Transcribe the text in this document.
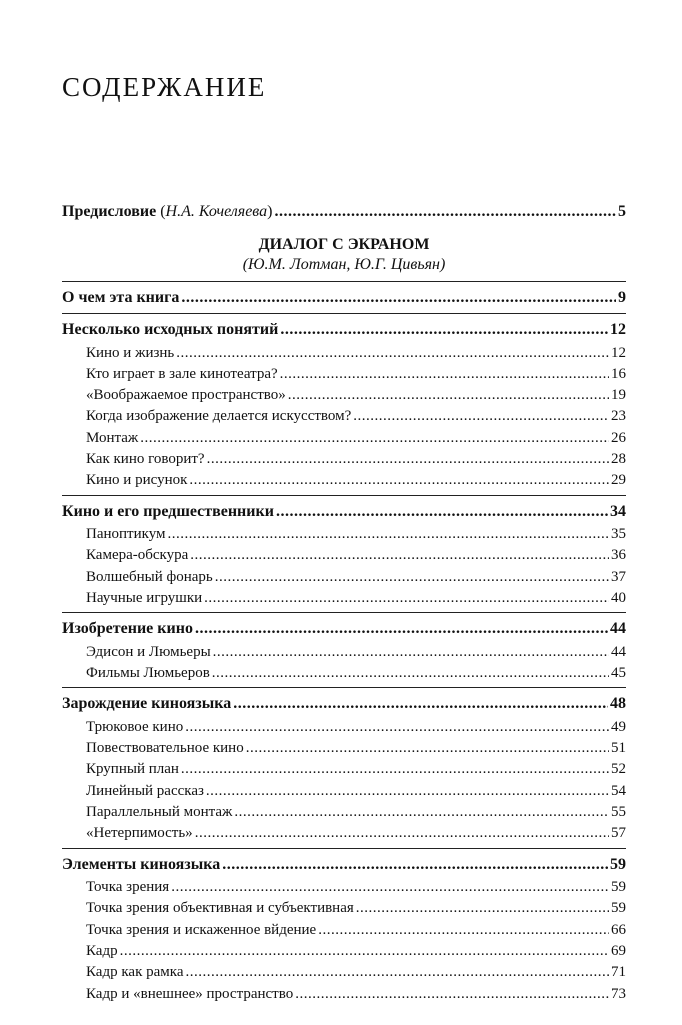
СОДЕРЖАНИЕ
Предисловие (Н.А. Кочеляева) .....	5
ДИАЛОГ С ЭКРАНОМ
(Ю.М. Лотман, Ю.Г. Цивьян)
О чем эта книга .....	9
Несколько исходных понятий .....	12
Кино и жизнь .....	12
Кто играет в зале кинотеатра? .....	16
«Воображаемое пространство» .....	19
Когда изображение делается искусством? .....	23
Монтаж .....	26
Как кино говорит? .....	28
Кино и рисунок .....	29
Кино и его предшественники .....	34
Паноптикум .....	35
Камера-обскура .....	36
Волшебный фонарь .....	37
Научные игрушки .....	40
Изобретение кино .....	44
Эдисон и Люмьеры .....	44
Фильмы Люмьеров .....	45
Зарождение киноязыка .....	48
Трюковое кино .....	49
Повествовательное кино .....	51
Крупный план .....	52
Линейный рассказ .....	54
Параллельный монтаж .....	55
«Нетерпимость» .....	57
Элементы киноязыка .....	59
Точка зрения .....	59
Точка зрения объективная и субъективная .....	59
Точка зрения и искаженное вйдение .....	66
Кадр .....	69
Кадр как рамка .....	71
Кадр и «внешнее» пространство .....	73
